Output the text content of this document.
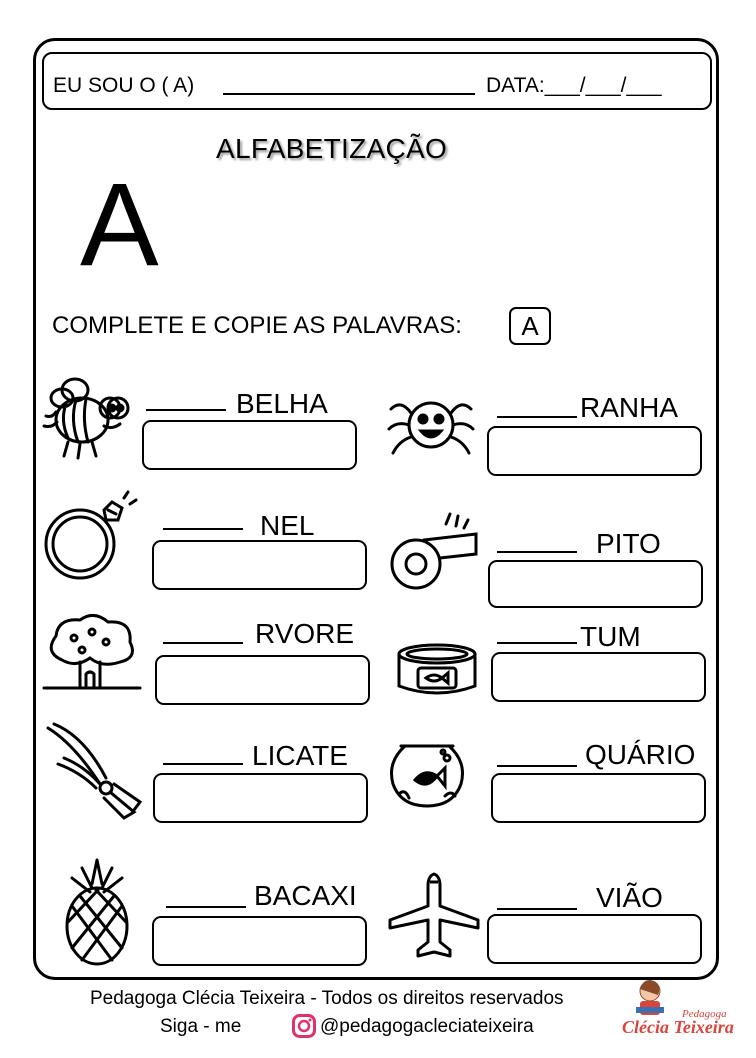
EU SOU O ( A)	DATA:___/___/___
ALFABETIZAÇÃO
A
COMPLETE E COPIE AS PALAVRAS:	A
BELHA	RANHA
NEL
PITO
RVORE	TUM
LICATE	QUÁRIO
BACAXI	VIÃO
Pedagoga Clécia Teixeira - Todos os direitos reservados
Siga - me	@pedagogacleciateixeira
Pedagoga
Clécia Teixeira
